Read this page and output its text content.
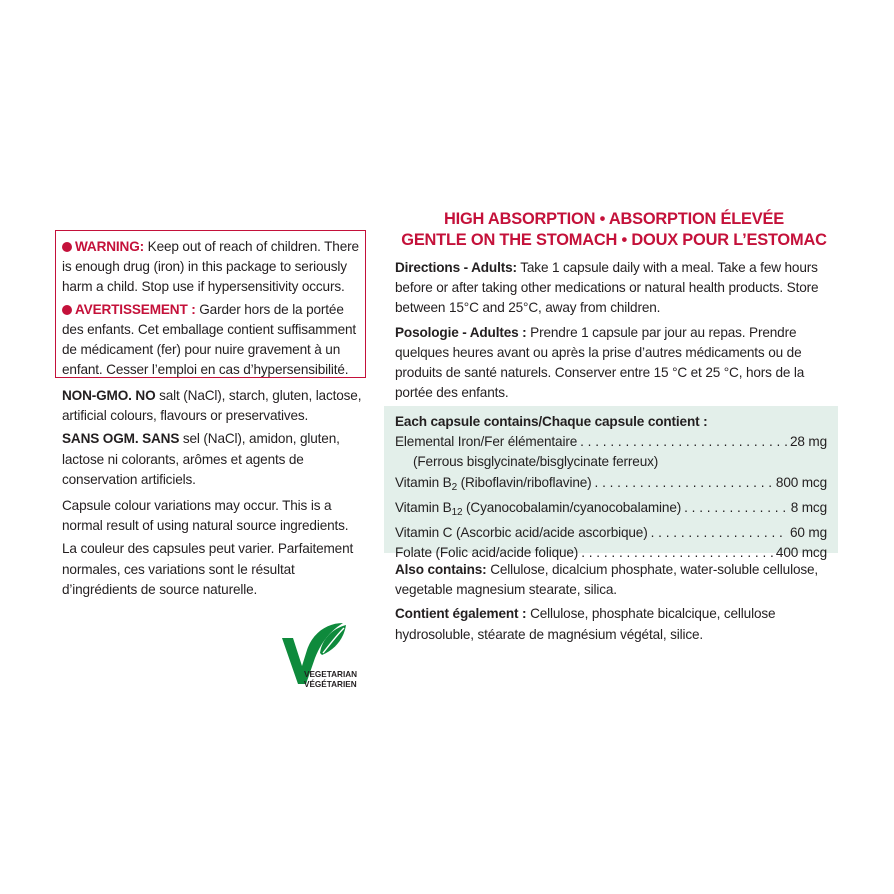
WARNING: Keep out of reach of children. There is enough drug (iron) in this package to seriously harm a child. Stop use if hypersensitivity occurs.

AVERTISSEMENT : Garder hors de la portée des enfants. Cet emballage contient suffisamment de médicament (fer) pour nuire gravement à un enfant. Cesser l’emploi en cas d’hypersensibilité.

NON-GMO. NO salt (NaCl), starch, gluten, lactose, artificial colours, flavours or preservatives.

SANS OGM. SANS sel (NaCl), amidon, gluten, lactose ni colorants, arômes et agents de conservation artificiels.

Capsule colour variations may occur. This is a normal result of using natural source ingredients.

La couleur des capsules peut varier. Parfaitement normales, ces variations sont le résultat d’ingrédients de source naturelle.

VEGETARIAN
VÉGÉTARIEN
HIGH ABSORPTION • ABSORPTION ÉLEVÉE
GENTLE ON THE STOMACH • DOUX POUR L’ESTOMAC

Directions - Adults: Take 1 capsule daily with a meal. Take a few hours before or after taking other medications or natural health products. Store between 15°C and 25°C, away from children.

Posologie - Adultes : Prendre 1 capsule par jour au repas. Prendre quelques heures avant ou après la prise d’autres médicaments ou de produits de santé naturels. Conserver entre 15 °C et 25 °C, hors de la portée des enfants.

Each capsule contains/Chaque capsule contient :
Elemental Iron/Fer élémentaire . . .	28 mg
(Ferrous bisglycinate/bisglycinate ferreux)
Vitamin $B_2$ (Riboflavin/riboflavine) . . .	800 mcg
Vitamin $B_{12}$ (Cyanocobalamin/cyanocobalamine) . . .	8 mcg
Vitamin C (Ascorbic acid/acide ascorbique) . . .	60 mg
Folate (Folic acid/acide folique) . . .	400 mcg

Also contains: Cellulose, dicalcium phosphate, water-soluble cellulose, vegetable magnesium stearate, silica.

Contient également : Cellulose, phosphate bicalcique, cellulose hydrosoluble, stéarate de magnésium végétal, silice.
